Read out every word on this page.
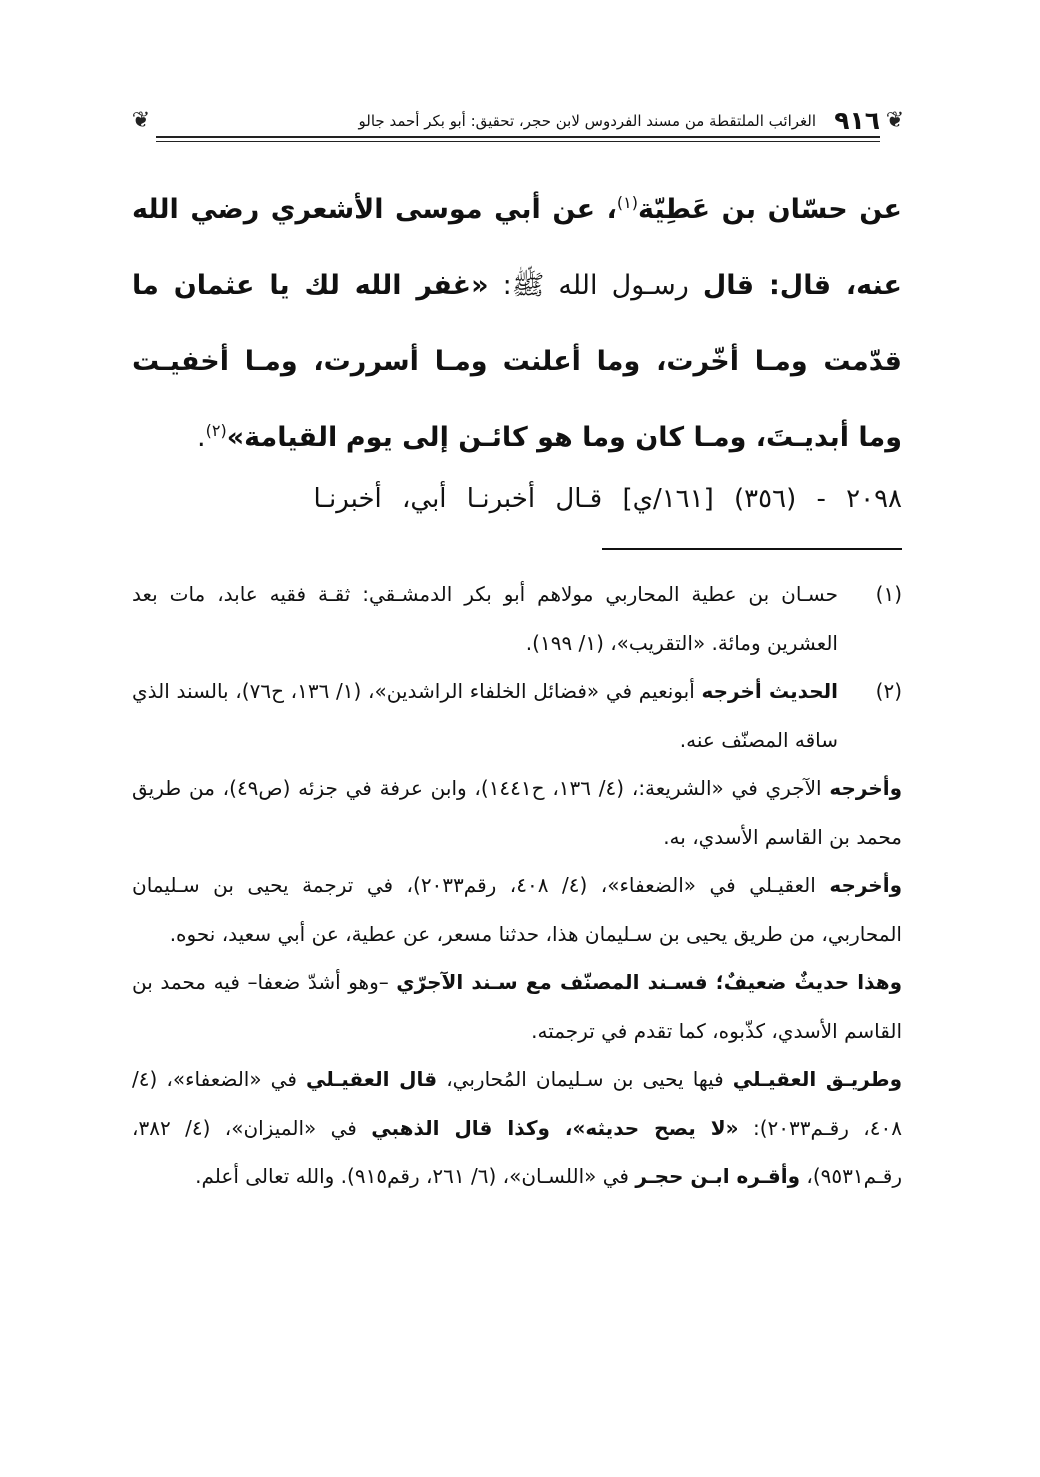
❦
٩١٦
الغرائب الملتقطة من مسند الفردوس لابن حجر، تحقيق: أبو بكر أحمد جالو
❦

عن حسّان بن عَطِيّة$^{(١)}$، عن أبي موسى الأشعري رضي الله عنه، قال: قال رسـول الله ﷺ: «غفر الله لك يا عثمان ما قدّمت ومـا أخّرت، وما أعلنت ومـا أسررت، ومـا أخفيـت وما أبديـتَ، ومـا كان وما هو كائـن إلى يوم القيامة»$^{(٢)}$.

٢٠٩٨ - (٣٥٦) [١٦١/ي] قـال أخبرنـا أبي، أخبرنـا
(١)
حسـان بن عطية المحاربي مولاهم أبو بكر الدمشـقي: ثقـة فقيه عابد، مات بعد العشرين ومائة. «التقريب»، (١/ ١٩٩).
(٢)
الحديث أخرجه أبونعيم في «فضائل الخلفاء الراشدين»، (١/ ١٣٦، ح٧٦)، بالسند الذي ساقه المصنّف عنه.

وأخرجه الآجري في «الشريعة:، (٤/ ١٣٦، ح١٤٤١)، وابن عرفة في جزئه (ص٤٩)، من طريق محمد بن القاسم الأسدي، به.

وأخرجه العقيـلي في «الضعفاء»، (٤/ ٤٠٨، رقم٢٠٣٣)، في ترجمة يحيى بن سـليمان المحاربي، من طريق يحيى بن سـليمان هذا، حدثنا مسعر، عن عطية، عن أبي سعيد، نحوه.

وهذا حديثٌ ضعيفٌ؛ فسـند المصنّف مع سـند الآجرّي –وهو أشدّ ضعفا– فيه محمد بن القاسم الأسدي، كذّبوه، كما تقدم في ترجمته.

وطريـق العقيـلي فيها يحيى بن سـليمان المُحاربي، قال العقيـلي في «الضعفاء»، (٤/ ٤٠٨، رقـم٢٠٣٣): «لا يصح حديثه»، وكذا قال الذهبي في «الميزان»، (٤/ ٣٨٢، رقـم٩٥٣١)، وأقـره ابـن حجـر في «اللسـان»، (٦/ ٢٦١، رقم٩١٥). والله تعالى أعلم.
